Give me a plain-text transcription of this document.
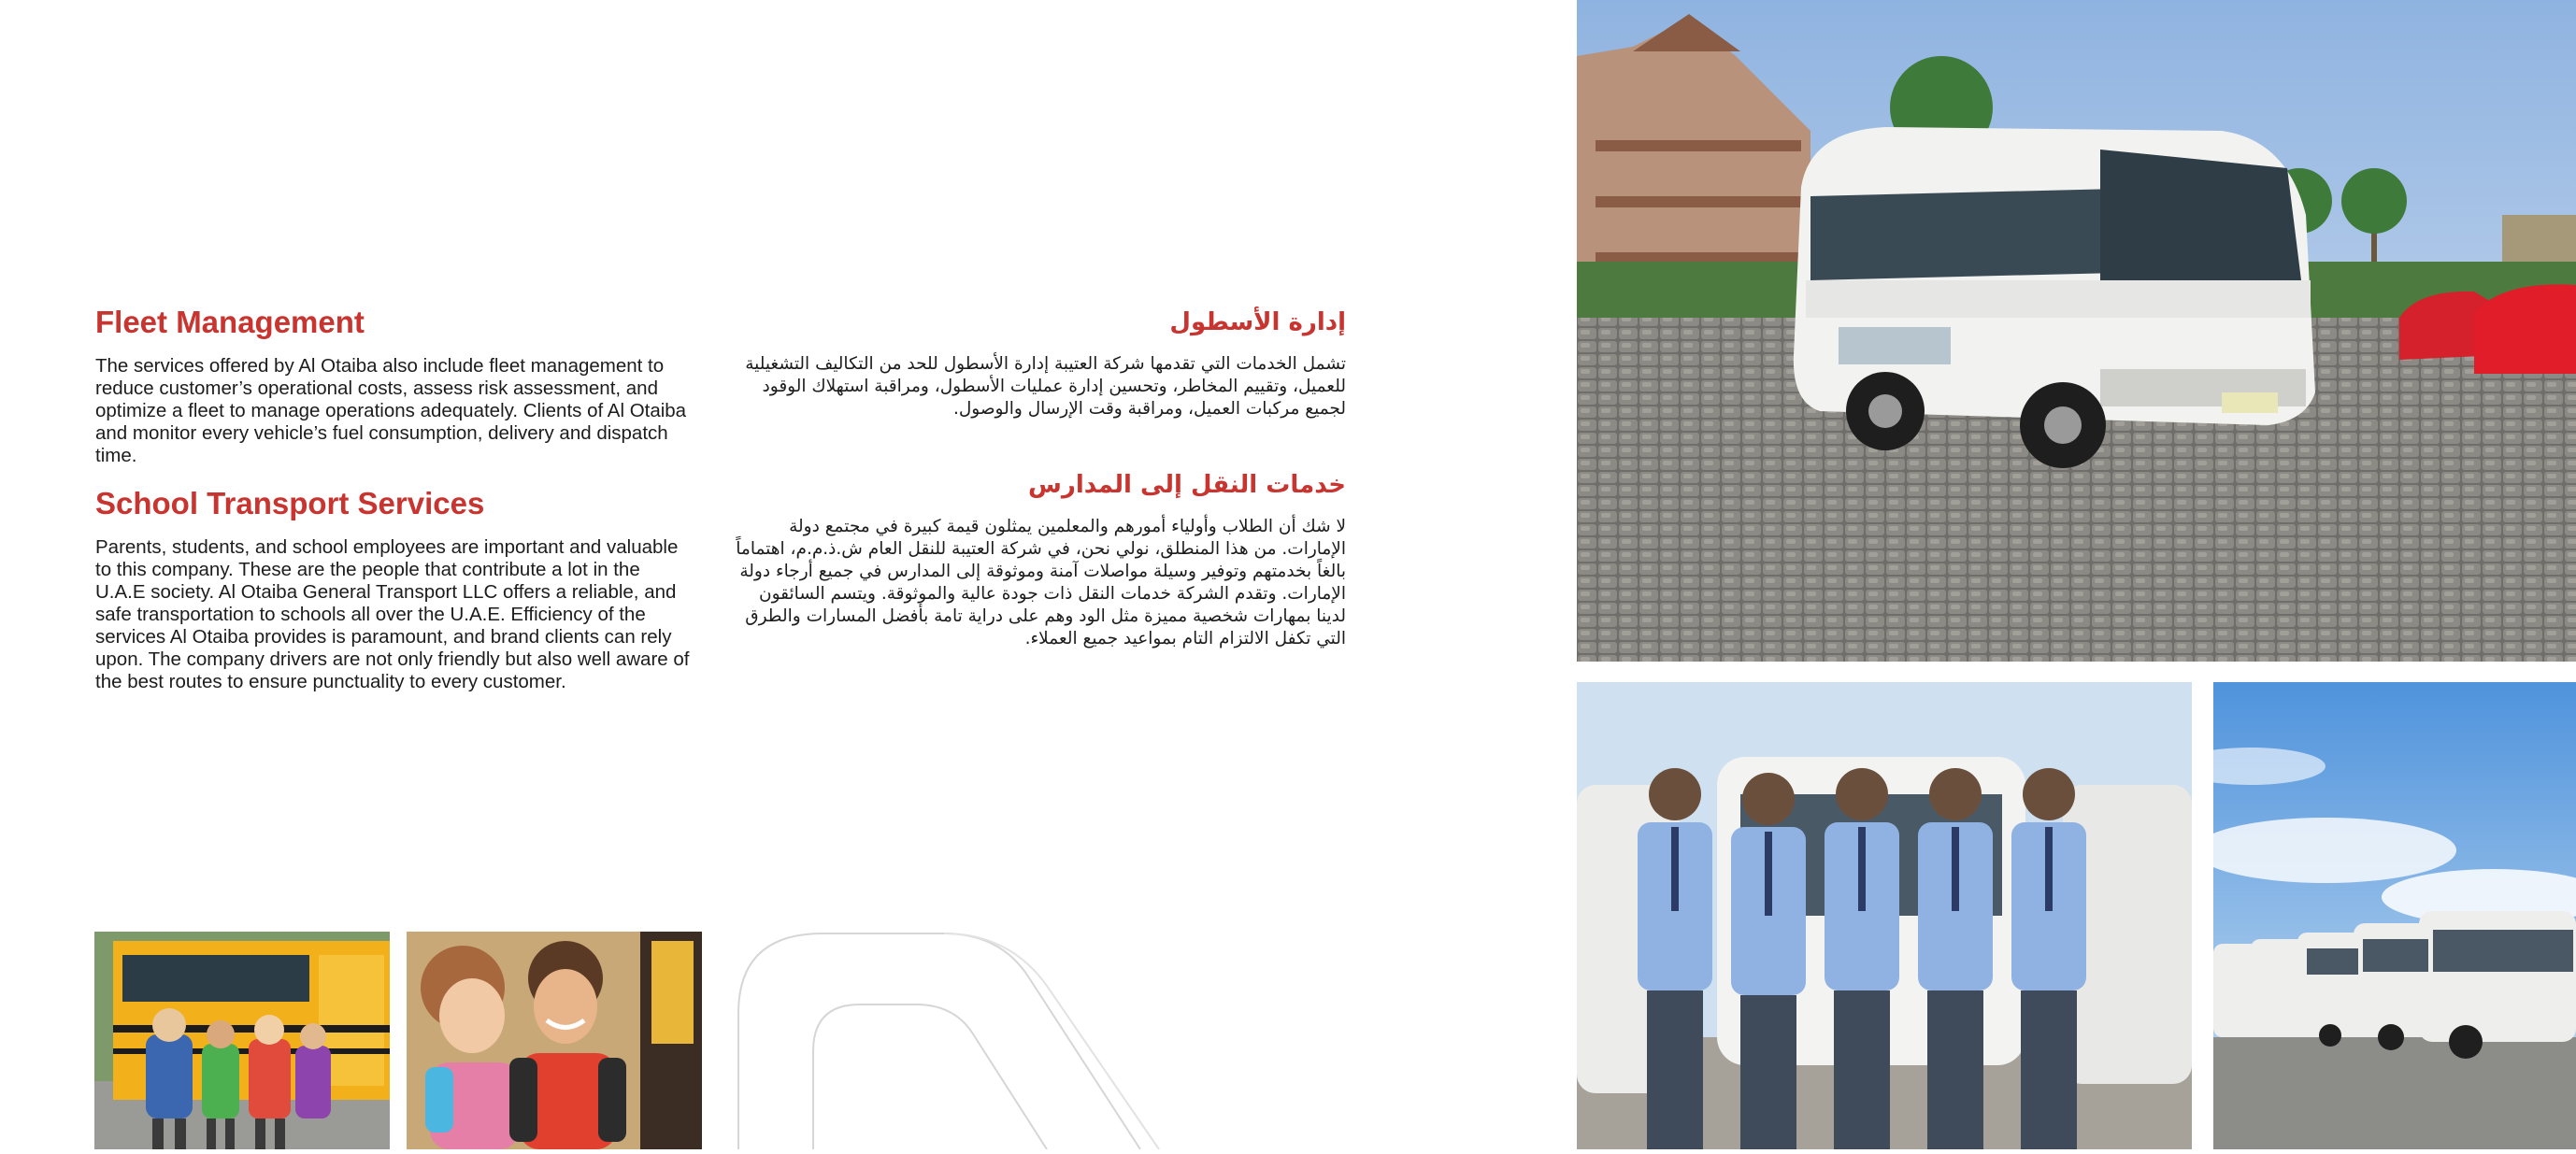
Fleet Management

The services offered by Al Otaiba also include fleet management to reduce customer’s operational costs, assess risk assessment, and optimize a fleet to manage operations adequately. Clients of Al Otaiba and monitor every vehicle’s fuel consumption, delivery and dispatch time.

School Transport Services

Parents, students, and school employees are important and valuable to this company. These are the people that contribute a lot in the U.A.E society. Al Otaiba General Transport LLC offers a reliable, and safe transportation to schools all over the U.A.E. Efficiency of the services Al Otaiba provides is paramount, and brand clients can rely upon. The company drivers are not only friendly but also well aware of the best routes to ensure punctuality to every customer.

إدارة الأسطول

تشمل الخدمات التي تقدمها شركة العتيبة إدارة الأسطول للحد من التكاليف التشغيلية للعميل، وتقييم المخاطر، وتحسين إدارة عمليات الأسطول، ومراقبة استهلاك الوقود لجميع مركبات العميل، ومراقبة وقت الإرسال والوصول.

خدمات النقل إلى المدارس

لا شك أن الطلاب وأولياء أمورهم والمعلمين يمثلون قيمة كبيرة في مجتمع دولة الإمارات. من هذا المنطلق، نولي نحن، في شركة العتيبة للنقل العام ش.ذ.م.م، اهتماماً بالغاً بخدمتهم وتوفير وسيلة مواصلات آمنة وموثوقة إلى المدارس في جميع أرجاء دولة الإمارات. وتقدم الشركة خدمات النقل ذات جودة عالية والموثوقة. ويتسم السائقون لدينا بمهارات شخصية مميزة مثل الود وهم على دراية تامة بأفضل المسارات والطرق التي تكفل الالتزام التام بمواعيد جميع العملاء.
